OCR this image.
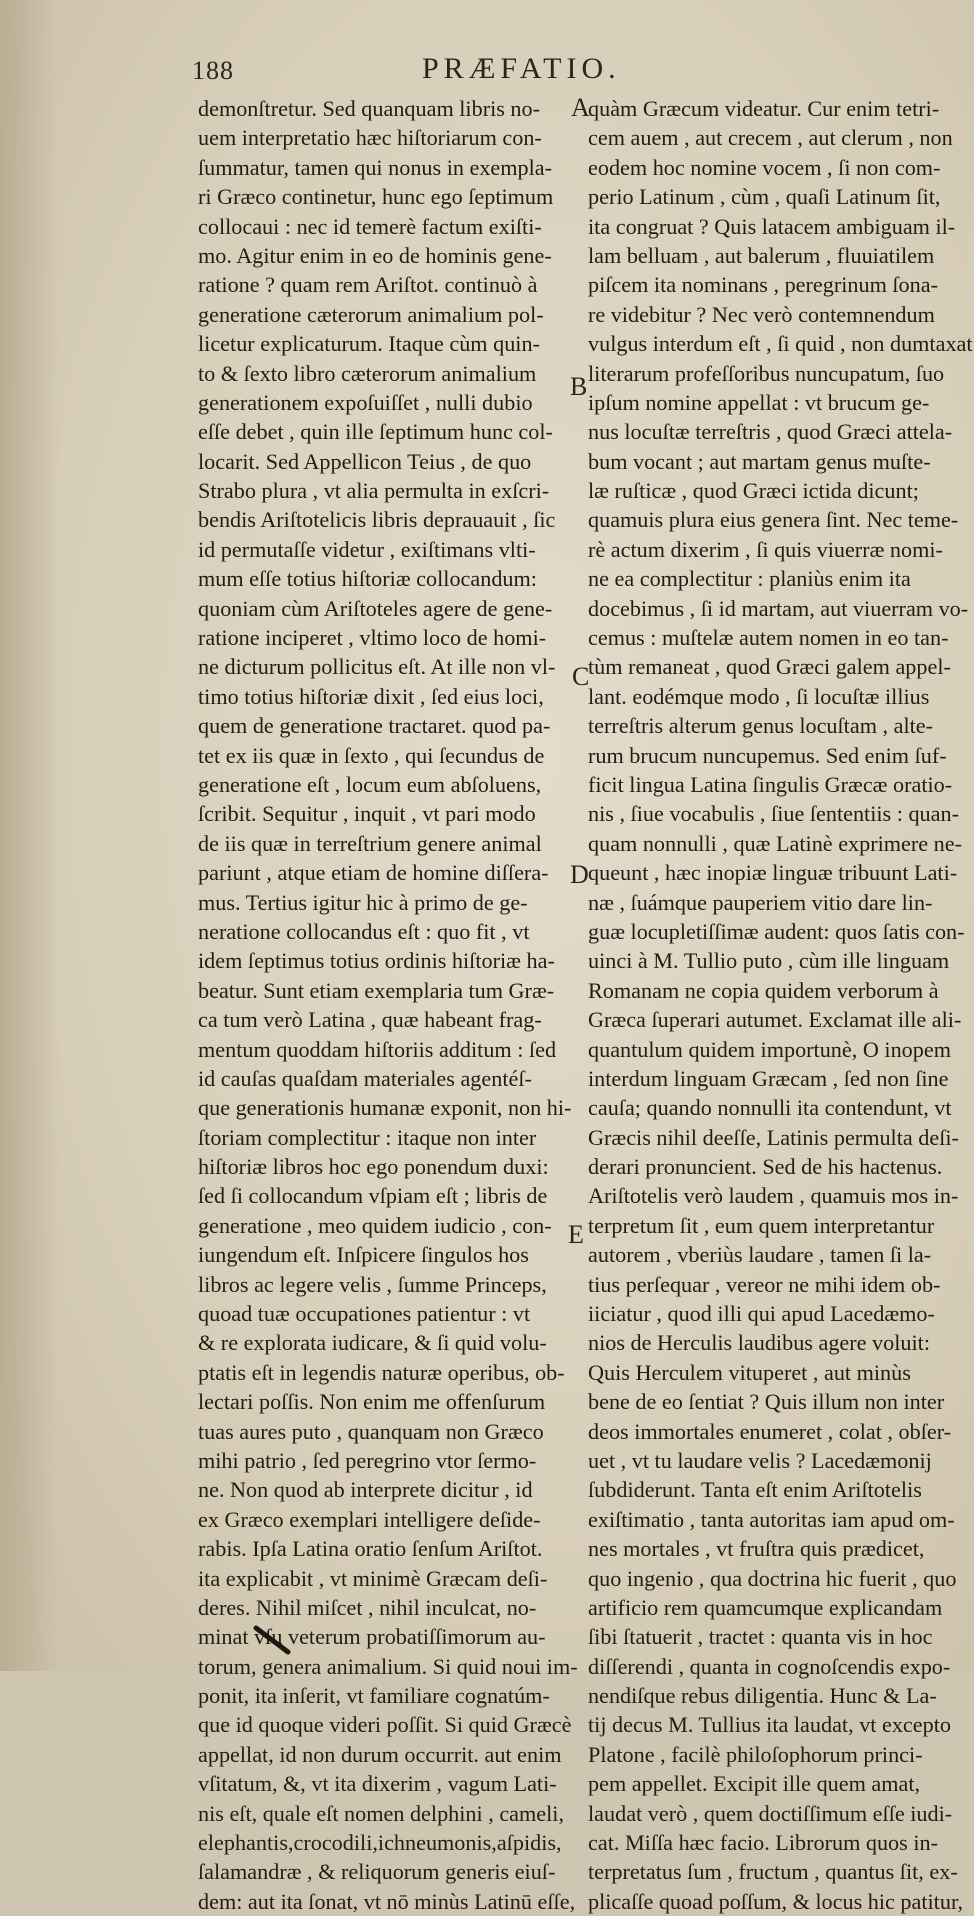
188	PRÆFATIO.
demonſtretur. Sed quanquam libris no-
uem interpretatio hæc hiſtoriarum con-
ſummatur, tamen qui nonus in exempla-
ri Græco continetur, hunc ego ſeptimum
collocaui : nec id temerè factum exiſti-
mo. Agitur enim in eo de hominis gene-
ratione ? quam rem Ariſtot. continuò à
generatione cæterorum animalium pol-
licetur explicaturum. Itaque cùm quin-
to & ſexto libro cæterorum animalium
generationem expoſuiſſet , nulli dubio
eſſe debet , quin ille ſeptimum hunc col-
locarit. Sed Appellicon Teius , de quo
Strabo plura , vt alia permulta in exſcri-
bendis Ariſtotelicis libris deprauauit , ſic
id permutaſſe videtur , exiſtimans vlti-
mum eſſe totius hiſtoriæ collocandum:
quoniam cùm Ariſtoteles agere de gene-
ratione inciperet , vltimo loco de homi-
ne dicturum pollicitus eſt. At ille non vl-
timo totius hiſtoriæ dixit , ſed eius loci,
quem de generatione tractaret. quod pa-
tet ex iis quæ in ſexto , qui ſecundus de
generatione eſt , locum eum abſoluens,
ſcribit. Sequitur , inquit , vt pari modo
de iis quæ in terreſtrium genere animal
pariunt , atque etiam de homine diſſera-
mus. Tertius igitur hic à primo de ge-
neratione collocandus eſt : quo fit , vt
idem ſeptimus totius ordinis hiſtoriæ ha-
beatur. Sunt etiam exemplaria tum Græ-
ca tum verò Latina , quæ habeant frag-
mentum quoddam hiſtoriis additum : ſed
id cauſas quaſdam materiales agentéſ-
que generationis humanæ exponit, non hi-
ſtoriam complectitur : itaque non inter
hiſtoriæ libros hoc ego ponendum duxi:
ſed ſi collocandum vſpiam eſt ; libris de
generatione , meo quidem iudicio , con-
iungendum eſt. Inſpicere ſingulos hos
libros ac legere velis , ſumme Princeps,
quoad tuæ occupationes patientur : vt
& re explorata iudicare, & ſi quid volu-
ptatis eſt in legendis naturæ operibus, ob-
lectari poſſis. Non enim me offenſurum
tuas aures puto , quanquam non Græco
mihi patrio , ſed peregrino vtor ſermo-
ne. Non quod ab interprete dicitur , id
ex Græco exemplari intelligere deſide-
rabis. Ipſa Latina oratio ſenſum Ariſtot.
ita explicabit , vt minimè Græcam deſi-
deres. Nihil miſcet , nihil inculcat, no-
minat vſu veterum probatiſſimorum au-
torum, genera animalium. Si quid noui im-
ponit, ita inſerit, vt familiare cognatúm-
que id quoque videri poſſit. Si quid Græcè
appellat, id non durum occurrit. aut enim
vſitatum, &, vt ita dixerim , vagum Lati-
nis eſt, quale eſt nomen delphini , cameli,
elephantis,crocodili,ichneumonis,aſpidis,
ſalamandræ , & reliquorum generis eiuſ-
dem: aut ita ſonat, vt nō minùs Latinū eſſe,
quàm Græcum videatur. Cur enim tetri-
cem auem , aut crecem , aut clerum , non
eodem hoc nomine vocem , ſi non com-
perio Latinum , cùm , quaſi Latinum ſit,
ita congruat ? Quis latacem ambiguam il-
lam belluam , aut balerum , fluuiatilem
piſcem ita nominans , peregrinum ſona-
re videbitur ? Nec verò contemnendum
vulgus interdum eſt , ſi quid , non dumtaxat
literarum profeſſoribus nuncupatum, ſuo
ipſum nomine appellat : vt brucum ge-
nus locuſtæ terreſtris , quod Græci attela-
bum vocant ; aut martam genus muſte-
læ ruſticæ , quod Græci ictida dicunt;
quamuis plura eius genera ſint. Nec teme-
rè actum dixerim , ſi quis viuerræ nomi-
ne ea complectitur : planiùs enim ita
docebimus , ſi id martam, aut viuerram vo-
cemus : muſtelæ autem nomen in eo tan-
tùm remaneat , quod Græci galem appel-
lant. eodémque modo , ſi locuſtæ illius
terreſtris alterum genus locuſtam , alte-
rum brucum nuncupemus. Sed enim ſuf-
ficit lingua Latina ſingulis Græcæ oratio-
nis , ſiue vocabulis , ſiue ſententiis : quan-
quam nonnulli , quæ Latinè exprimere ne-
queunt , hæc inopiæ linguæ tribuunt Lati-
næ , ſuámque pauperiem vitio dare lin-
guæ locupletiſſimæ audent: quos ſatis con-
uinci à M. Tullio puto , cùm ille linguam
Romanam ne copia quidem verborum à
Græca ſuperari autumet. Exclamat ille ali-
quantulum quidem importunè, O inopem
interdum linguam Græcam , ſed non ſine
cauſa; quando nonnulli ita contendunt, vt
Græcis nihil deeſſe, Latinis permulta deſi-
derari pronuncient. Sed de his hactenus.
Ariſtotelis verò laudem , quamuis mos in-
terpretum ſit , eum quem interpretantur
autorem , vberiùs laudare , tamen ſi la-
tius perſequar , vereor ne mihi idem ob-
iiciatur , quod illi qui apud Lacedæmo-
nios de Herculis laudibus agere voluit:
Quis Herculem vituperet , aut minùs
bene de eo ſentiat ? Quis illum non inter
deos immortales enumeret , colat , obſer-
uet , vt tu laudare velis ? Lacedæmonij
ſubdiderunt. Tanta eſt enim Ariſtotelis
exiſtimatio , tanta autoritas iam apud om-
nes mortales , vt fruſtra quis prædicet,
quo ingenio , qua doctrina hic fuerit , quo
artificio rem quamcumque explicandam
ſibi ſtatuerit , tractet : quanta vis in hoc
diſſerendi , quanta in cognoſcendis expo-
nendiſque rebus diligentia. Hunc & La-
tij decus M. Tullius ita laudat, vt excepto
Platone , facilè philoſophorum princi-
pem appellet. Excipit ille quem amat,
laudat verò , quem doctiſſimum eſſe iudi-
cat. Miſſa hæc facio. Librorum quos in-
terpretatus ſum , fructum , quantus ſit, ex-
plicaſſe quoad poſſum, & locus hic patitur,
A
B
C
D
E
